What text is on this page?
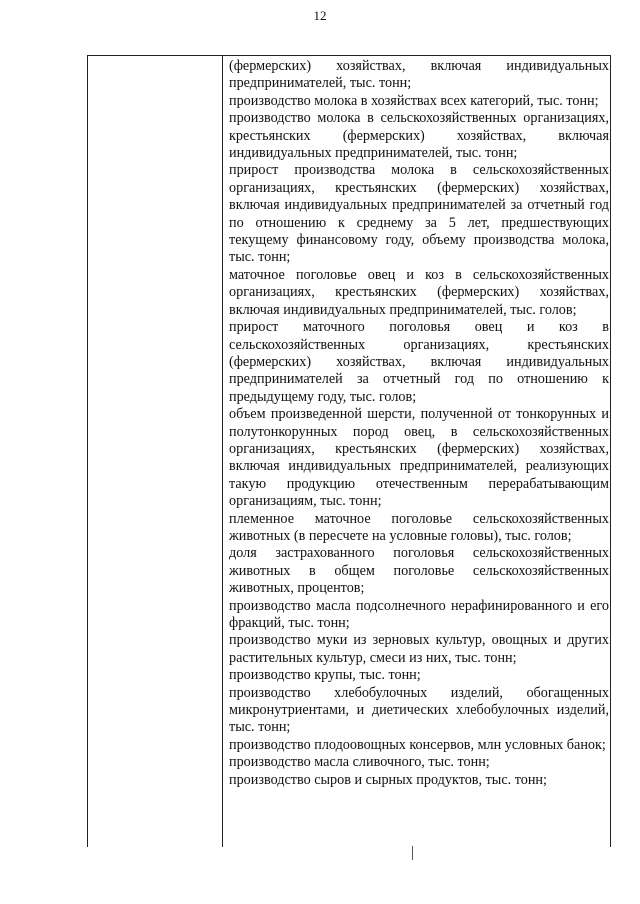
12

(фермерских) хозяйствах, включая индивидуальных предпринимателей, тыс. тонн;

производство молока в хозяйствах всех категорий, тыс. тонн;

производство молока в сельскохозяйственных организациях, крестьянских (фермерских) хозяйствах, включая индивидуальных предпринимателей, тыс. тонн;

прирост производства молока в сельскохозяйственных организациях, крестьянских (фермерских) хозяйствах, включая индивидуальных предпринимателей за отчетный год по отношению к среднему за 5 лет, предшествующих текущему финансовому году, объему производства молока, тыс. тонн;

маточное поголовье овец и коз в сельскохозяйственных организациях, крестьянских (фермерских) хозяйствах, включая индивидуальных предпринимателей, тыс. голов;

прирост маточного поголовья овец и коз в сельскохозяйственных организациях, крестьянских (фермерских) хозяйствах, включая индивидуальных предпринимателей за отчетный год по отношению к предыдущему году, тыс. голов;

объем произведенной шерсти, полученной от тонкорунных и полутонкорунных пород овец, в сельскохозяйственных организациях, крестьянских (фермерских) хозяйствах, включая индивидуальных предпринимателей, реализующих такую продукцию отечественным перерабатывающим организациям, тыс. тонн;

племенное маточное поголовье сельскохозяйственных животных (в пересчете на условные головы), тыс. голов;

доля застрахованного поголовья сельскохозяйственных животных в общем поголовье сельскохозяйственных животных, процентов;

производство масла подсолнечного нерафинированного и его фракций, тыс. тонн;

производство муки из зерновых культур, овощных и других растительных культур, смеси из них, тыс. тонн;

производство крупы, тыс. тонн;

производство хлебобулочных изделий, обогащенных микронутриентами, и диетических хлебобулочных изделий, тыс. тонн;

производство плодоовощных консервов, млн условных банок;

производство масла сливочного, тыс. тонн;

производство сыров и сырных продуктов, тыс. тонн;
